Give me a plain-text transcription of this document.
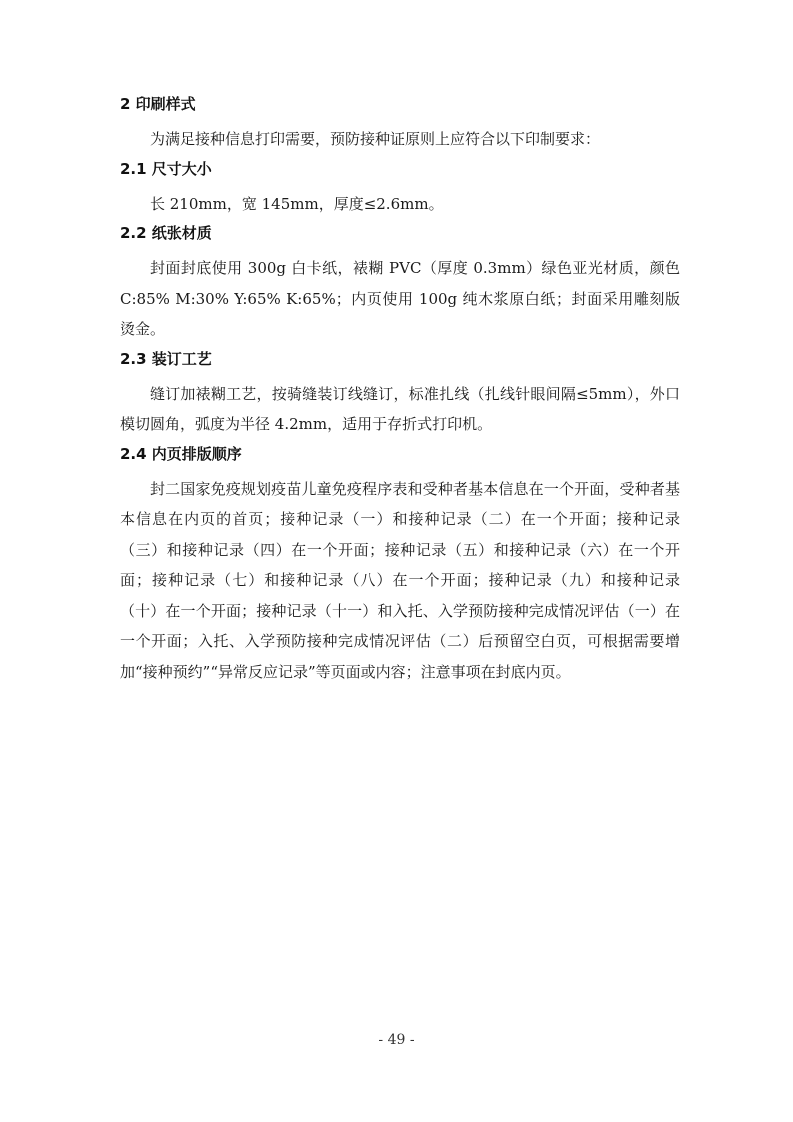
2 印刷样式

为满足接种信息打印需要，预防接种证原则上应符合以下印制要求：

2.1 尺寸大小

长 210mm，宽 145mm，厚度≤2.6mm。

2.2 纸张材质

封面封底使用 300g 白卡纸，裱糊 PVC（厚度 0.3mm）绿色亚光材质，颜色 C:85% M:30% Y:65% K:65%；内页使用 100g 纯木浆原白纸；封面采用雕刻版烫金。

2.3 装订工艺

缝订加裱糊工艺，按骑缝装订线缝订，标准扎线（扎线针眼间隔≤5mm），外口模切圆角，弧度为半径 4.2mm，适用于存折式打印机。

2.4 内页排版顺序

封二国家免疫规划疫苗儿童免疫程序表和受种者基本信息在一个开面，受种者基本信息在内页的首页；接种记录（一）和接种记录（二）在一个开面；接种记录（三）和接种记录（四）在一个开面；接种记录（五）和接种记录（六）在一个开面；接种记录（七）和接种记录（八）在一个开面；接种记录（九）和接种记录（十）在一个开面；接种记录（十一）和入托、入学预防接种完成情况评估（一）在一个开面；入托、入学预防接种完成情况评估（二）后预留空白页，可根据需要增加“接种预约”“异常反应记录”等页面或内容；注意事项在封底内页。

- 49 -
